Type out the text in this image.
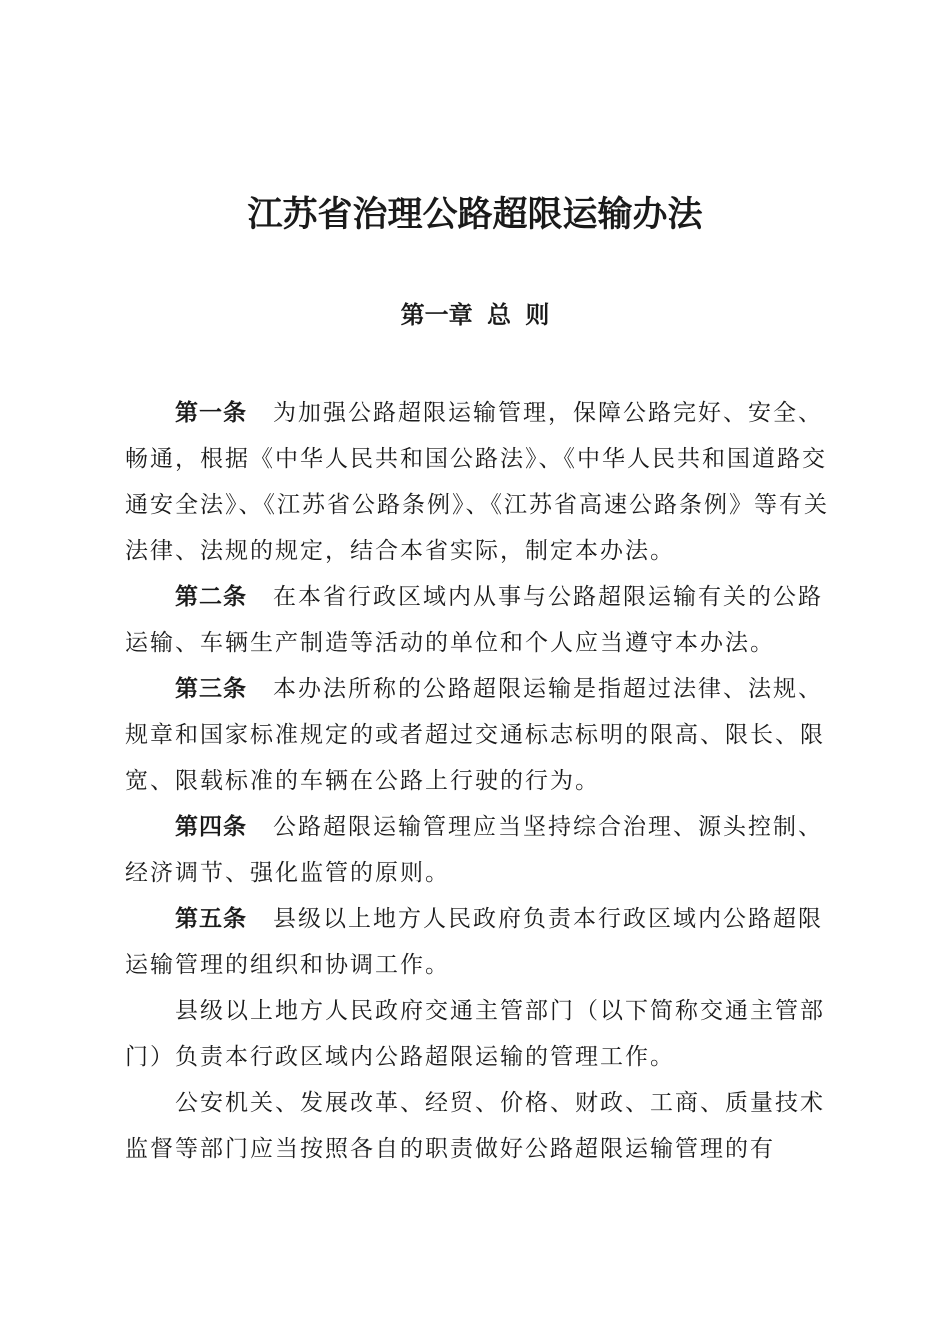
江苏省治理公路超限运输办法
第一章 总 则

第一条 为加强公路超限运输管理，保障公路完好、安全、畅通，根据《中华人民共和国公路法》、《中华人民共和国道路交通安全法》、《江苏省公路条例》、《江苏省高速公路条例》等有关法律、法规的规定，结合本省实际，制定本办法。

第二条 在本省行政区域内从事与公路超限运输有关的公路运输、车辆生产制造等活动的单位和个人应当遵守本办法。

第三条 本办法所称的公路超限运输是指超过法律、法规、规章和国家标准规定的或者超过交通标志标明的限高、限长、限宽、限载标准的车辆在公路上行驶的行为。

第四条 公路超限运输管理应当坚持综合治理、源头控制、经济调节、强化监管的原则。

第五条 县级以上地方人民政府负责本行政区域内公路超限运输管理的组织和协调工作。

县级以上地方人民政府交通主管部门（以下简称交通主管部门）负责本行政区域内公路超限运输的管理工作。

公安机关、发展改革、经贸、价格、财政、工商、质量技术监督等部门应当按照各自的职责做好公路超限运输管理的有
